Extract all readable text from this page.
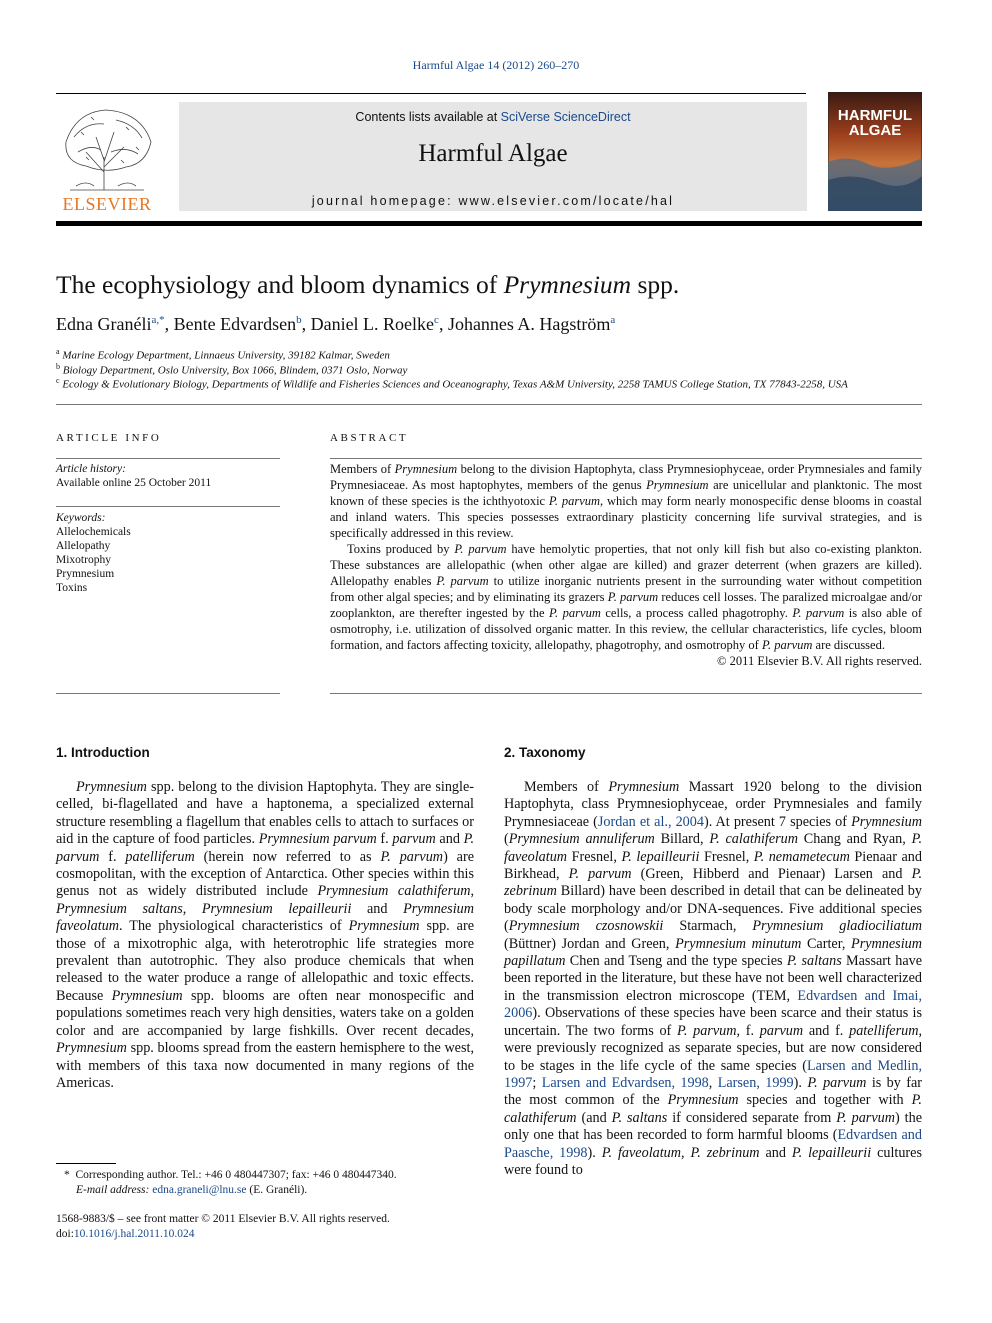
Harmful Algae 14 (2012) 260–270
ELSEVIER
Contents lists available at SciVerse ScienceDirect
Harmful Algae
journal homepage: www.elsevier.com/locate/hal
HARMFUL
ALGAE
The ecophysiology and bloom dynamics of Prymnesium spp.
Edna Granéli$^{a,*}$, Bente Edvardsen$^b$, Daniel L. Roelke$^c$, Johannes A. Hagström$^a$
$^a$ Marine Ecology Department, Linnaeus University, 39182 Kalmar, Sweden
$^b$ Biology Department, Oslo University, Box 1066, Blindem, 0371 Oslo, Norway
$^c$ Ecology & Evolutionary Biology, Departments of Wildlife and Fisheries Sciences and Oceanography, Texas A&M University, 2258 TAMUS College Station, TX 77843-2258, USA
ARTICLE INFO
Article history:
Available online 25 October 2011
Keywords:
Allelochemicals
Allelopathy
Mixotrophy
Prymnesium
Toxins
ABSTRACT

Members of Prymnesium belong to the division Haptophyta, class Prymnesiophyceae, order Prymnesiales and family Prymnesiaceae. As most haptophytes, members of the genus Prymnesium are unicellular and planktonic. The most known of these species is the ichthyotoxic P. parvum, which may form nearly monospecific dense blooms in coastal and inland waters. This species possesses extraordinary plasticity concerning life survival strategies, and is specifically addressed in this review.

Toxins produced by P. parvum have hemolytic properties, that not only kill fish but also co-existing plankton. These substances are allelopathic (when other algae are killed) and grazer deterrent (when grazers are killed). Allelopathy enables P. parvum to utilize inorganic nutrients present in the surrounding water without competition from other algal species; and by eliminating its grazers P. parvum reduces cell losses. The paralized microalgae and/or zooplankton, are therefter ingested by the P. parvum cells, a process called phagotrophy. P. parvum is also able of osmotrophy, i.e. utilization of dissolved organic matter. In this review, the cellular characteristics, life cycles, bloom formation, and factors affecting toxicity, allelopathy, phagotrophy, and osmotrophy of P. parvum are discussed.

© 2011 Elsevier B.V. All rights reserved.

1. Introduction

Prymnesium spp. belong to the division Haptophyta. They are single-celled, bi-flagellated and have a haptonema, a specialized external structure resembling a flagellum that enables cells to attach to surfaces or aid in the capture of food particles. Prymnesium parvum f. parvum and P. parvum f. patelliferum (herein now referred to as P. parvum) are cosmopolitan, with the exception of Antarctica. Other species within this genus not as widely distributed include Prymnesium calathiferum, Prymnesium saltans, Prymnesium lepailleurii and Prymnesium faveolatum. The physiological characteristics of Prymnesium spp. are those of a mixotrophic alga, with heterotrophic life strategies more prevalent than autotrophic. They also produce chemicals that when released to the water produce a range of allelopathic and toxic effects. Because Prymnesium spp. blooms are often near monospecific and populations sometimes reach very high densities, waters take on a golden color and are accompanied by large fishkills. Over recent decades, Prymnesium spp. blooms spread from the eastern hemisphere to the west, with members of this taxa now documented in many regions of the Americas.

* Corresponding author. Tel.: +46 0 480447307; fax: +46 0 480447340.
E-mail address: edna.graneli@lnu.se (E. Granéli).
1568-9883/$ – see front matter © 2011 Elsevier B.V. All rights reserved.
doi:10.1016/j.hal.2011.10.024
2. Taxonomy

Members of Prymnesium Massart 1920 belong to the division Haptophyta, class Prymnesiophyceae, order Prymnesiales and family Prymnesiaceae (Jordan et al., 2004). At present 7 species of Prymnesium (Prymnesium annuliferum Billard, P. calathiferum Chang and Ryan, P. faveolatum Fresnel, P. lepailleurii Fresnel, P. nemametecum Pienaar and Birkhead, P. parvum (Green, Hibberd and Pienaar) Larsen and P. zebrinum Billard) have been described in detail that can be delineated by body scale morphology and/or DNA-sequences. Five additional species (Prymnesium czosnowskii Starmach, Prymnesium gladiociliatum (Büttner) Jordan and Green, Prymnesium minutum Carter, Prymnesium papillatum Chen and Tseng and the type species P. saltans Massart have been reported in the literature, but these have not been well characterized in the transmission electron microscope (TEM, Edvardsen and Imai, 2006). Observations of these species have been scarce and their status is uncertain. The two forms of P. parvum, f. parvum and f. patelliferum, were previously recognized as separate species, but are now considered to be stages in the life cycle of the same species (Larsen and Medlin, 1997; Larsen and Edvardsen, 1998, Larsen, 1999). P. parvum is by far the most common of the Prymnesium species and together with P. calathiferum (and P. saltans if considered separate from P. parvum) the only one that has been recorded to form harmful blooms (Edvardsen and Paasche, 1998). P. faveolatum, P. zebrinum and P. lepailleurii cultures were found to
